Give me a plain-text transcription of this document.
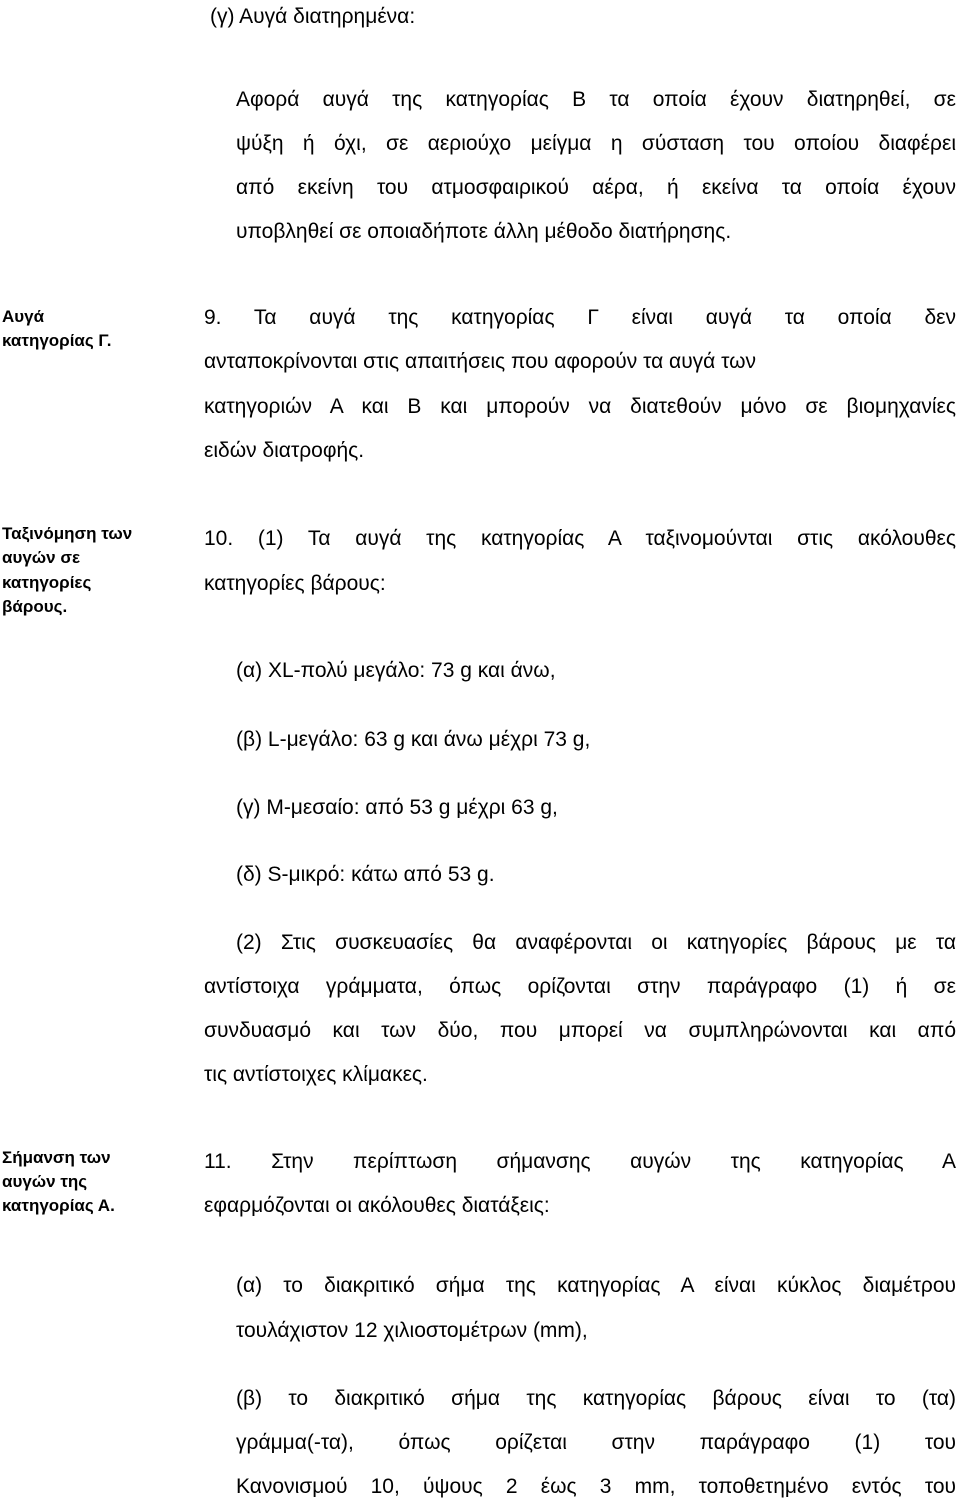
(γ) Αυγά διατηρημένα:
Αφορά αυγά της κατηγορίας Β τα οποία έχουν διατηρηθεί, σε
ψύξη ή όχι, σε αεριούχο μείγμα η σύσταση του οποίου διαφέρει
από εκείνη του ατμοσφαιρικού αέρα, ή εκείνα τα οποία έχουν
υποβληθεί σε οποιαδήποτε άλλη μέθοδο διατήρησης.
Αυγά
κατηγορίας Γ.
9. Τα αυγά της κατηγορίας Γ είναι αυγά τα οποία δεν
ανταποκρίνονται στις απαιτήσεις που αφορούν τα αυγά των
κατηγοριών Α και Β και μπορούν να διατεθούν μόνο σε βιομηχανίες
ειδών διατροφής.
Ταξινόμηση των
αυγών σε
κατηγορίες
βάρους.
10. (1) Τα αυγά της κατηγορίας Α ταξινομούνται στις ακόλουθες
κατηγορίες βάρους:
(α) XL-πολύ μεγάλο: 73 g και άνω,
(β) L-μεγάλο: 63 g και άνω μέχρι 73 g,
(γ) Μ-μεσαίο: από 53 g μέχρι 63 g,
(δ) S-μικρό: κάτω από 53 g.
(2) Στις συσκευασίες θα αναφέρονται οι κατηγορίες βάρους με τα
αντίστοιχα γράμματα, όπως ορίζονται στην παράγραφο (1) ή σε
συνδυασμό και των δύο, που μπορεί να συμπληρώνονται και από
τις αντίστοιχες κλίμακες.
Σήμανση των
αυγών της
κατηγορίας Α.
11. Στην περίπτωση σήμανσης αυγών της κατηγορίας Α
εφαρμόζονται οι ακόλουθες διατάξεις:
(α) το διακριτικό σήμα της κατηγορίας Α είναι κύκλος διαμέτρου
τουλάχιστον 12 χιλιοστομέτρων (mm),
(β) το διακριτικό σήμα της κατηγορίας βάρους είναι το (τα)
γράμμα(-τα), όπως ορίζεται στην παράγραφο (1) του
Κανονισμού 10, ύψους 2 έως 3 mm, τοποθετημένο εντός του
